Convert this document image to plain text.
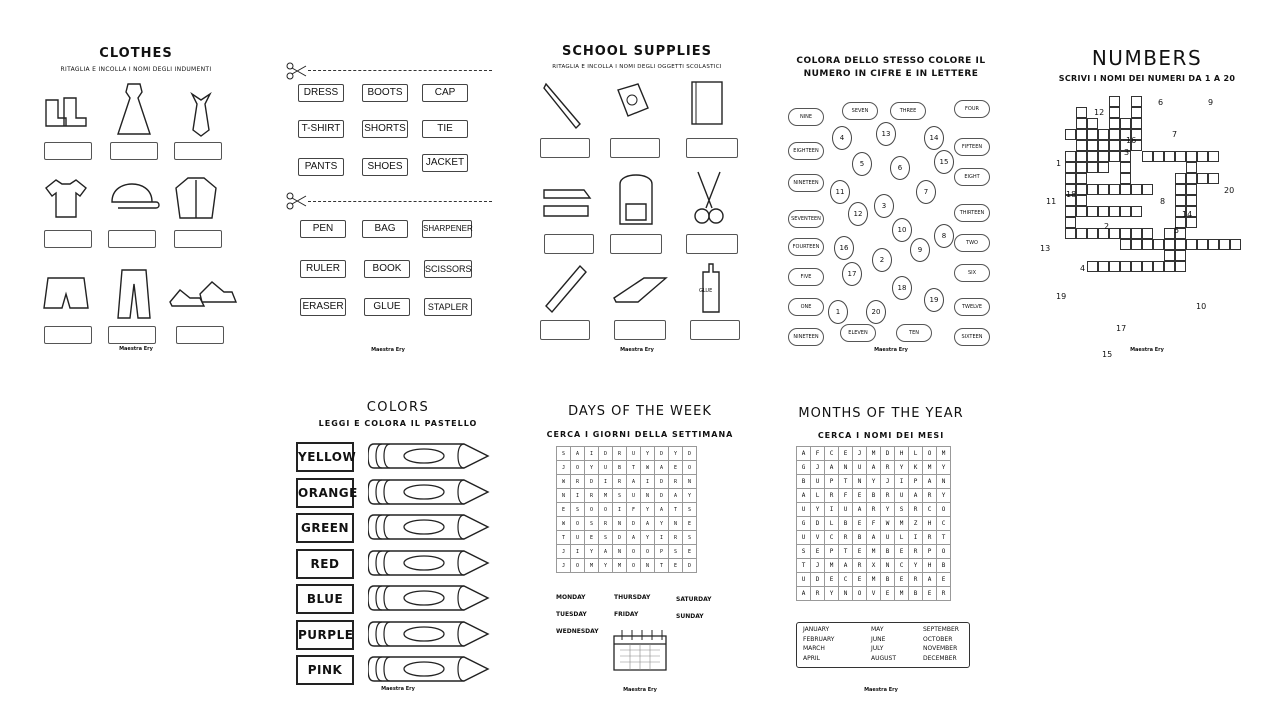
CLOTHES
RITAGLIA E INCOLLA I NOMI DEGLI INDUMENTI
Maestra Ery
DRESS	BOOTS	CAP
T-SHIRT	SHORTS	TIE
PANTS	SHOES	JACKET
PEN	BAG	SHARPENER
RULER	BOOK	SCISSORS
ERASER	GLUE	STAPLER
Maestra Ery
SCHOOL SUPPLIES
RITAGLIA E INCOLLA I NOMI DEGLI OGGETTI SCOLASTICI
GLUE
Maestra Ery
COLORA DELLO STESSO COLORE IL
NUMERO IN CIFRE E IN LETTERE
NINE
EIGHTEEN
NINETEEN
SEVENTEEN
FOURTEEN
FIVE
ONE
NINETEEN
FOUR
FIFTEEN
EIGHT
THIRTEEN
TWO
SIX
TWELVE
SIXTEEN
SEVEN	THREE
ELEVEN	TEN
4	13	14
5	6
15
11
3
7
12
10
16
2
8
17
9
18
19
1	20
Maestra Ery
NUMBERS
SCRIVI I NOMI DEI NUMERI DA 1 A 20
12
6	9
16
7
3
1
18	20
11	8
2
14
5
13
4
19
10
17
15	Maestra Ery
COLORS
LEGGI E COLORA IL PASTELLO
YELLOW
ORANGE
GREEN
RED
BLUE
PURPLE
PINK
Maestra Ery
DAYS OF THE WEEK
CERCA I GIORNI DELLA SETTIMANA
S	A	I	D	R	U	Y	D	Y	D
J	O	Y	U	B	T	W	A	E	O
W	R	D	I	R	A	I	D	R	N
N	I	R	M	S	U	N	D	A	Y
E	S	O	O	I	F	Y	A	T	S
W	O	S	R	N	D	A	Y	N	E
T	U	E	S	D	A	Y	I	R	S
J	I	Y	A	N	O	O	P	S	E
J	O	M	Y	M	O	N	T	E	D
MONDAY
TUESDAY
WEDNESDAY
THURSDAY
FRIDAY
SATURDAY
SUNDAY
Maestra Ery
MONTHS OF THE YEAR
CERCA I NOMI DEI MESI
A	F	C	E	J	M	D	H	L	O	M
G	J	A	N	U	A	R	Y	K	M	Y
B	U	P	T	N	Y	J	I	P	A	N
A	L	R	F	E	B	R	U	A	R	Y
U	Y	I	U	A	R	Y	S	R	C	O
G	D	L	B	E	F	W	M	Z	H	C
U	V	C	R	B	A	U	L	I	R	T
S	E	P	T	E	M	B	E	R	P	O
T	J	M	A	R	X	N	C	Y	H	B
U	D	E	C	E	M	B	E	R	A	E
A	R	Y	N	O	V	E	M	B	E	R
JANUARY	MAY	SEPTEMBER
FEBRUARY	JUNE	OCTOBER
MARCH	JULY	NOVEMBER
APRIL	AUGUST	DECEMBER
Maestra Ery
